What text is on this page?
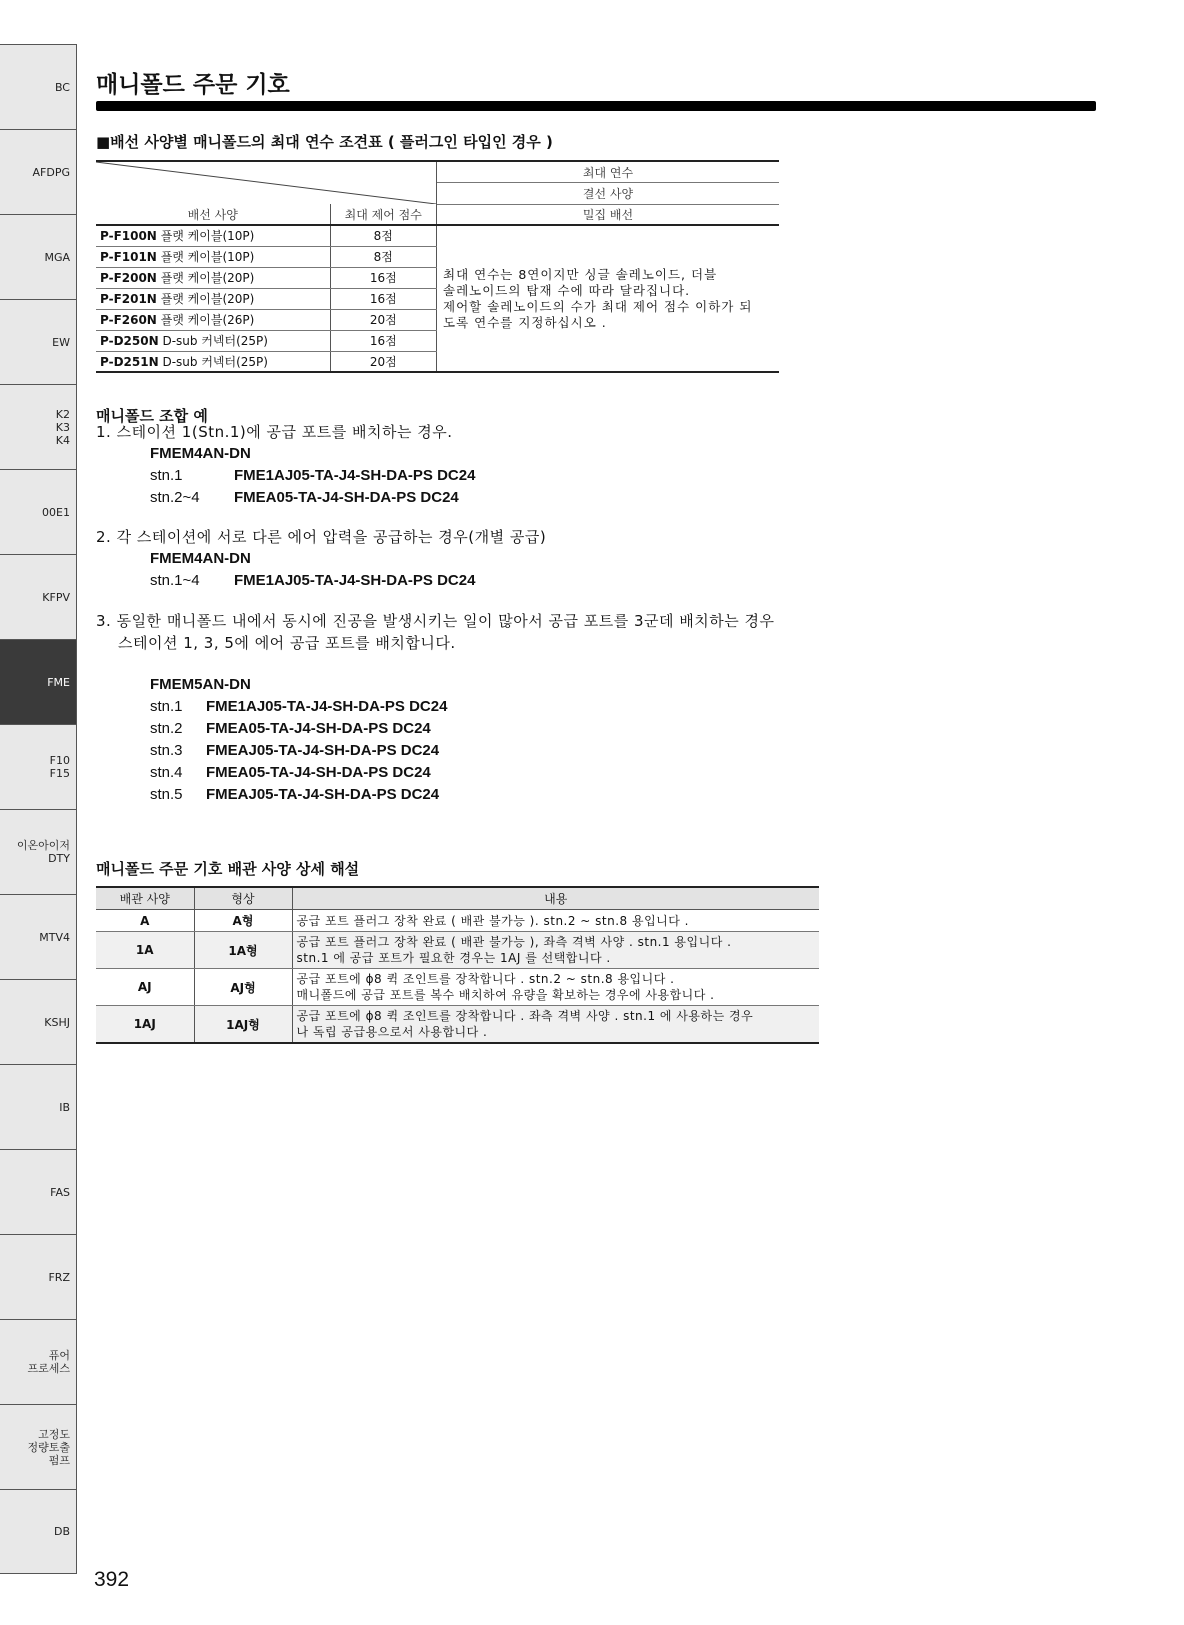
BC
AFDPG
MGA
EW
K2
K3
K4
00E1
KFPV
FME
F10
F15
이온아이저
DTY
MTV4
KSHJ
IB
FAS
FRZ
퓨어
프로세스
고정도
정량토출
펌프
DB
매니폴드 주문 기호
■배선 사양별 매니폴드의 최대 연수 조견표 ( 플러그인 타입인 경우 )
	최대 연수
		결선 사양
배선 사양	최대 제어 점수	밀집 배선
P-F100N 플랫 케이블(10P)	8점	최대 연수는 8연이지만 싱글 솔레노이드, 더블
솔레노이드의 탑재 수에 따라 달라집니다.
제어할 솔레노이드의 수가 최대 제어 점수 이하가 되
도록 연수를 지정하십시오 .

P-F101N 플랫 케이블(10P)	8점	
P-F200N 플랫 케이블(20P)	16점	
P-F201N 플랫 케이블(20P)	16점	
P-F260N 플랫 케이블(26P)	20점	
P-D250N D-sub 커넥터(25P)	16점	
P-D251N D-sub 커넥터(25P)	20점	
매니폴드 조합 예
1. 스테이션 1(Stn.1)에 공급 포트를 배치하는 경우.
FMEM4AN-DN
stn.1	FME1AJ05-TA-J4-SH-DA-PS DC24
stn.2~4 FMEA05-TA-J4-SH-DA-PS DC24
2. 각 스테이션에 서로 다른 에어 압력을 공급하는 경우(개별 공급)
FMEM4AN-DN
stn.1~4 FME1AJ05-TA-J4-SH-DA-PS DC24
3. 동일한 매니폴드 내에서 동시에 진공을 발생시키는 일이 많아서 공급 포트를 3군데 배치하는 경우
스테이션 1, 3, 5에 에어 공급 포트를 배치합니다.
FMEM5AN-DN
stn.1 FME1AJ05-TA-J4-SH-DA-PS DC24
stn.2 FMEA05-TA-J4-SH-DA-PS DC24
stn.3 FMEAJ05-TA-J4-SH-DA-PS DC24
stn.4 FMEA05-TA-J4-SH-DA-PS DC24
stn.5 FMEAJ05-TA-J4-SH-DA-PS DC24
매니폴드 주문 기호 배관 사양 상세 해설
배관 사양	형상	내용
A	A형	공급 포트 플러그 장착 완료 ( 배관 불가능 ). stn.2 ~ stn.8 용입니다 .

1A	1A형	공급 포트 플러그 장착 완료 ( 배관 불가능 ), 좌측 격벽 사양 . stn.1 용입니다 .
stn.1 에 공급 포트가 필요한 경우는 1AJ 를 선택합니다 .

AJ	AJ형	공급 포트에 ϕ8 퀵 조인트를 장착합니다 . stn.2 ~ stn.8 용입니다 .
매니폴드에 공급 포트를 복수 배치하여 유량을 확보하는 경우에 사용합니다 .

1AJ	1AJ형	공급 포트에 ϕ8 퀵 조인트를 장착합니다 . 좌측 격벽 사양 . stn.1 에 사용하는 경우
나 독립 공급용으로서 사용합니다 .
392
